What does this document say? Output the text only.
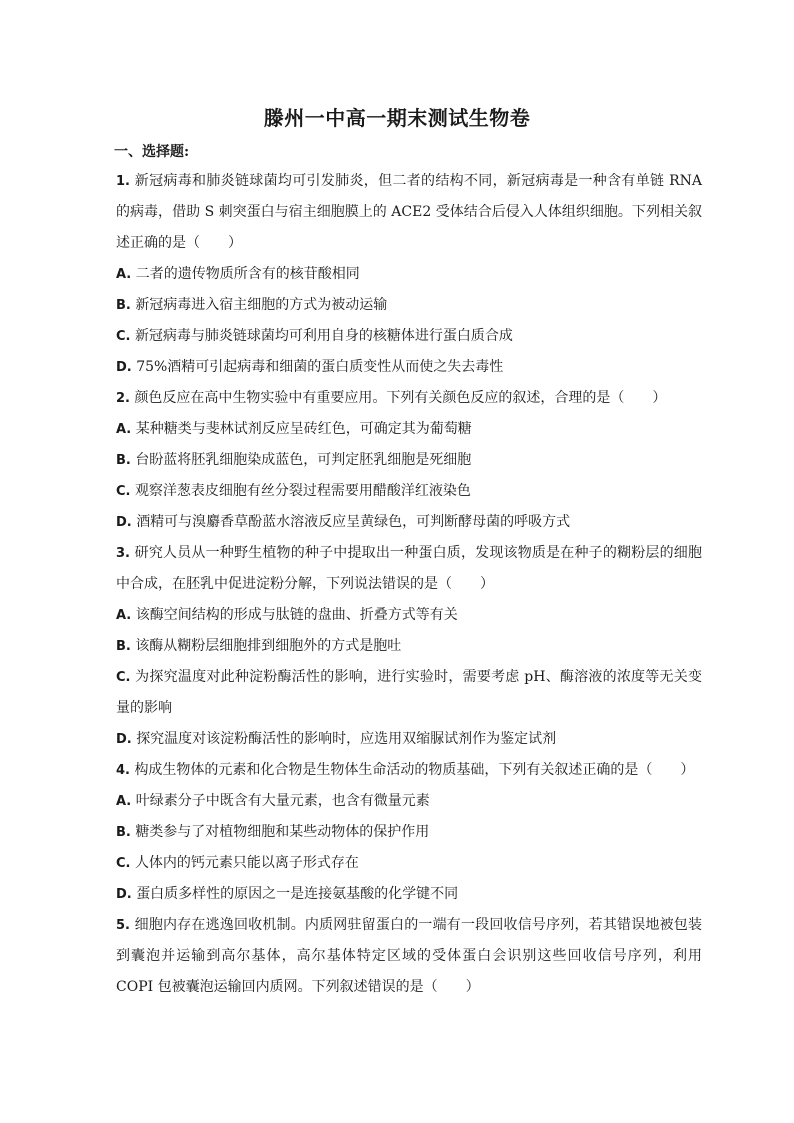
滕州一中高一期末测试生物卷
一、选择题:

1. 新冠病毒和肺炎链球菌均可引发肺炎，但二者的结构不同，新冠病毒是一种含有单链 RNA 的病毒，借助 S 刺突蛋白与宿主细胞膜上的 ACE2 受体结合后侵入人体组织细胞。下列相关叙述正确的是（　　）

A. 二者的遗传物质所含有的核苷酸相同

B. 新冠病毒进入宿主细胞的方式为被动运输

C. 新冠病毒与肺炎链球菌均可利用自身的核糖体进行蛋白质合成

D. 75%酒精可引起病毒和细菌的蛋白质变性从而使之失去毒性

2. 颜色反应在高中生物实验中有重要应用。下列有关颜色反应的叙述，合理的是（　　）

A. 某种糖类与斐林试剂反应呈砖红色，可确定其为葡萄糖

B. 台盼蓝将胚乳细胞染成蓝色，可判定胚乳细胞是死细胞

C. 观察洋葱表皮细胞有丝分裂过程需要用醋酸洋红液染色

D. 酒精可与溴麝香草酚蓝水溶液反应呈黄绿色，可判断酵母菌的呼吸方式

3. 研究人员从一种野生植物的种子中提取出一种蛋白质，发现该物质是在种子的糊粉层的细胞中合成，在胚乳中促进淀粉分解，下列说法错误的是（　　）

A. 该酶空间结构的形成与肽链的盘曲、折叠方式等有关

B. 该酶从糊粉层细胞排到细胞外的方式是胞吐

C. 为探究温度对此种淀粉酶活性的影响，进行实验时，需要考虑 pH、酶溶液的浓度等无关变量的影响

D. 探究温度对该淀粉酶活性的影响时，应选用双缩脲试剂作为鉴定试剂

4. 构成生物体的元素和化合物是生物体生命活动的物质基础，下列有关叙述正确的是（　　）

A. 叶绿素分子中既含有大量元素，也含有微量元素

B. 糖类参与了对植物细胞和某些动物体的保护作用

C. 人体内的钙元素只能以离子形式存在

D. 蛋白质多样性的原因之一是连接氨基酸的化学键不同

5. 细胞内存在逃逸回收机制。内质网驻留蛋白的一端有一段回收信号序列，若其错误地被包装到囊泡并运输到高尔基体，高尔基体特定区域的受体蛋白会识别这些回收信号序列，利用 COPI 包被囊泡运输回内质网。下列叙述错误的是（　　）
